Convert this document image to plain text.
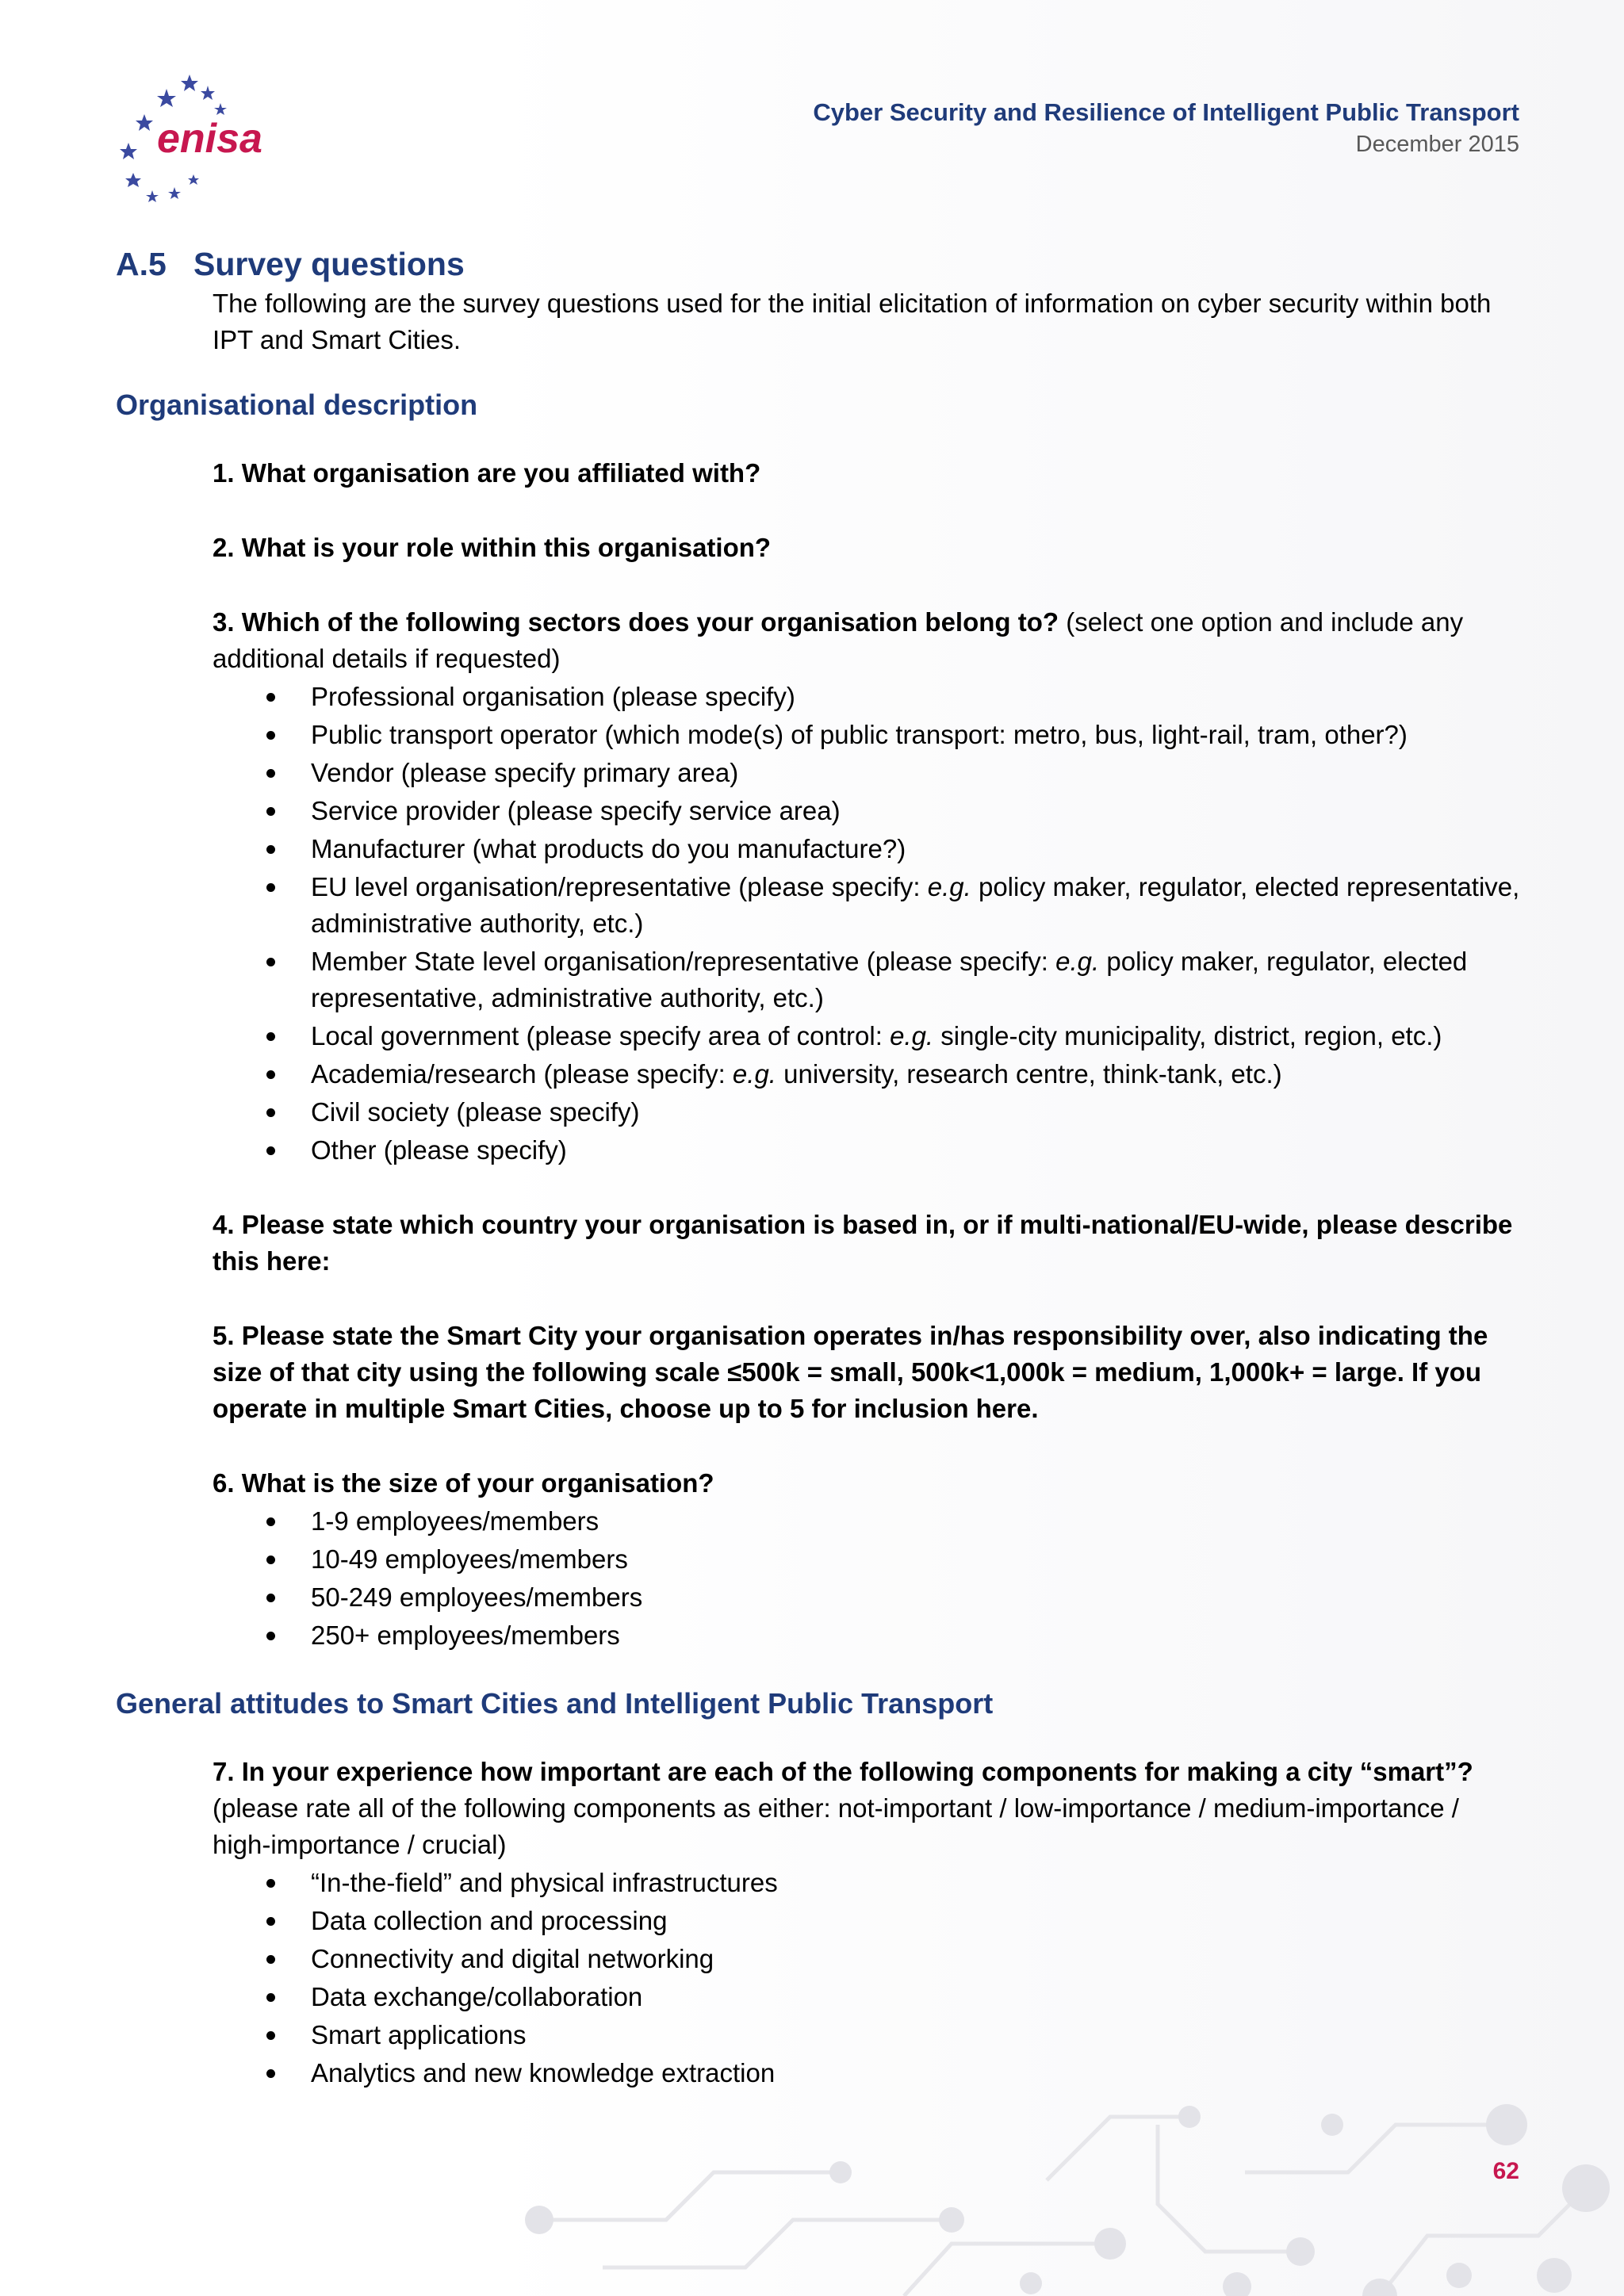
enisa
Cyber Security and Resilience of Intelligent Public Transport
December 2015
A.5 Survey questions
The following are the survey questions used for the initial elicitation of information on cyber security within both IPT and Smart Cities.
Organisational description
1. What organisation are you affiliated with?
2. What is your role within this organisation?
3. Which of the following sectors does your organisation belong to? (select one option and include any additional details if requested)
Professional organisation (please specify)
Public transport operator (which mode(s) of public transport: metro, bus, light-rail, tram, other?)
Vendor (please specify primary area)
Service provider (please specify service area)
Manufacturer (what products do you manufacture?)
EU level organisation/representative (please specify: e.g. policy maker, regulator, elected representative, administrative authority, etc.)
Member State level organisation/representative (please specify: e.g. policy maker, regulator, elected representative, administrative authority, etc.)
Local government (please specify area of control: e.g. single-city municipality, district, region, etc.)
Academia/research (please specify: e.g. university, research centre, think-tank, etc.)
Civil society (please specify)
Other (please specify)
4. Please state which country your organisation is based in, or if multi-national/EU-wide, please describe this here:
5. Please state the Smart City your organisation operates in/has responsibility over, also indicating the size of that city using the following scale ≤500k = small, 500k<1,000k = medium, 1,000k+ = large. If you operate in multiple Smart Cities, choose up to 5 for inclusion here.
6. What is the size of your organisation?
1-9 employees/members
10-49 employees/members
50-249 employees/members
250+ employees/members
General attitudes to Smart Cities and Intelligent Public Transport
7. In your experience how important are each of the following components for making a city “smart”?
(please rate all of the following components as either: not-important / low-importance / medium-importance / high-importance / crucial)
“In-the-field” and physical infrastructures
Data collection and processing
Connectivity and digital networking
Data exchange/collaboration
Smart applications
Analytics and new knowledge extraction
62
